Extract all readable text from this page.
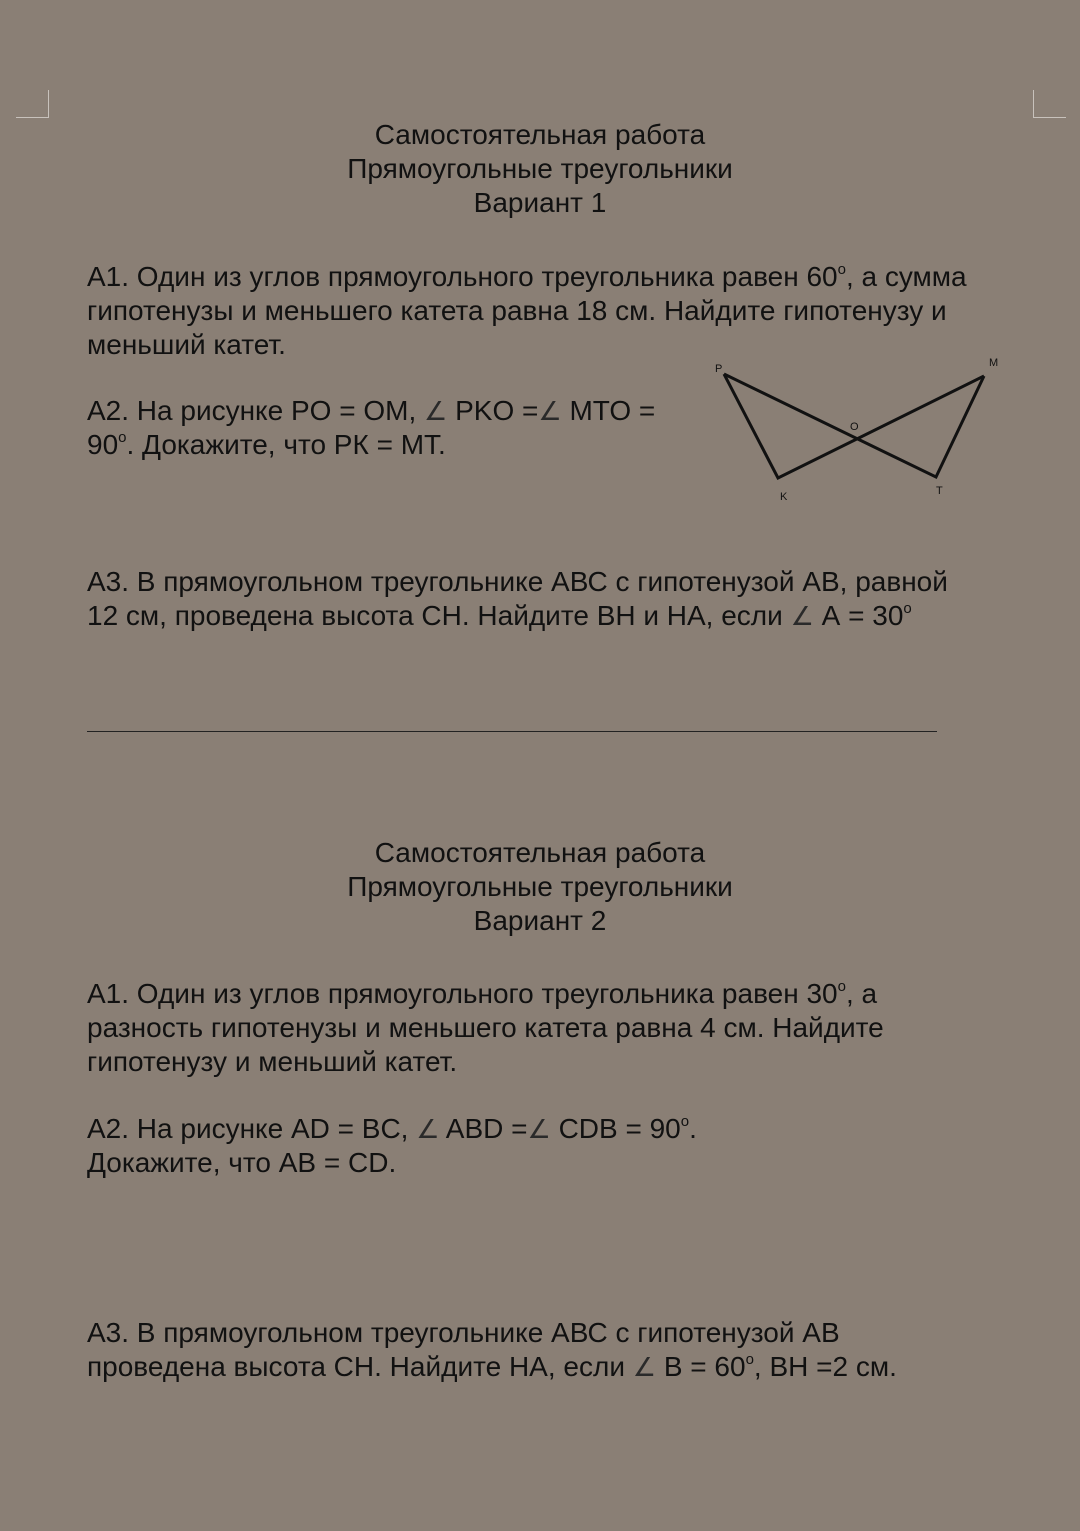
Самостоятельная работа
Прямоугольные треугольники
Вариант 1
А1. Один из углов прямоугольного треугольника равен 60$^o$, а сумма
гипотенузы и меньшего катета равна 18 см. Найдите гипотенузу и
меньший катет.
А2. На рисунке PO = OM, ∠ PKO =∠ MTO =
$90^o$. Докажите, что РК = МТ.
P	M
O
K	T
А3. В прямоугольном треугольнике АВС с гипотенузой АВ, равной
12 см, проведена высота СН. Найдите ВН и НА, если ∠ $А = 30^o$
Самостоятельная работа
Прямоугольные треугольники
Вариант 2
А1. Один из углов прямоугольного треугольника равен 30$^o$, а
разность гипотенузы и меньшего катета равна 4 см. Найдите
гипотенузу и меньший катет.
А2. На рисунке AD = BC, ∠ ABD =∠ CDB = $90^o$.
Докажите, что AB = CD.
А3. В прямоугольном треугольнике АВС с гипотенузой АВ
проведена высота СН. Найдите НА, если ∠ $В = 60^o$, ВН =2 см.
